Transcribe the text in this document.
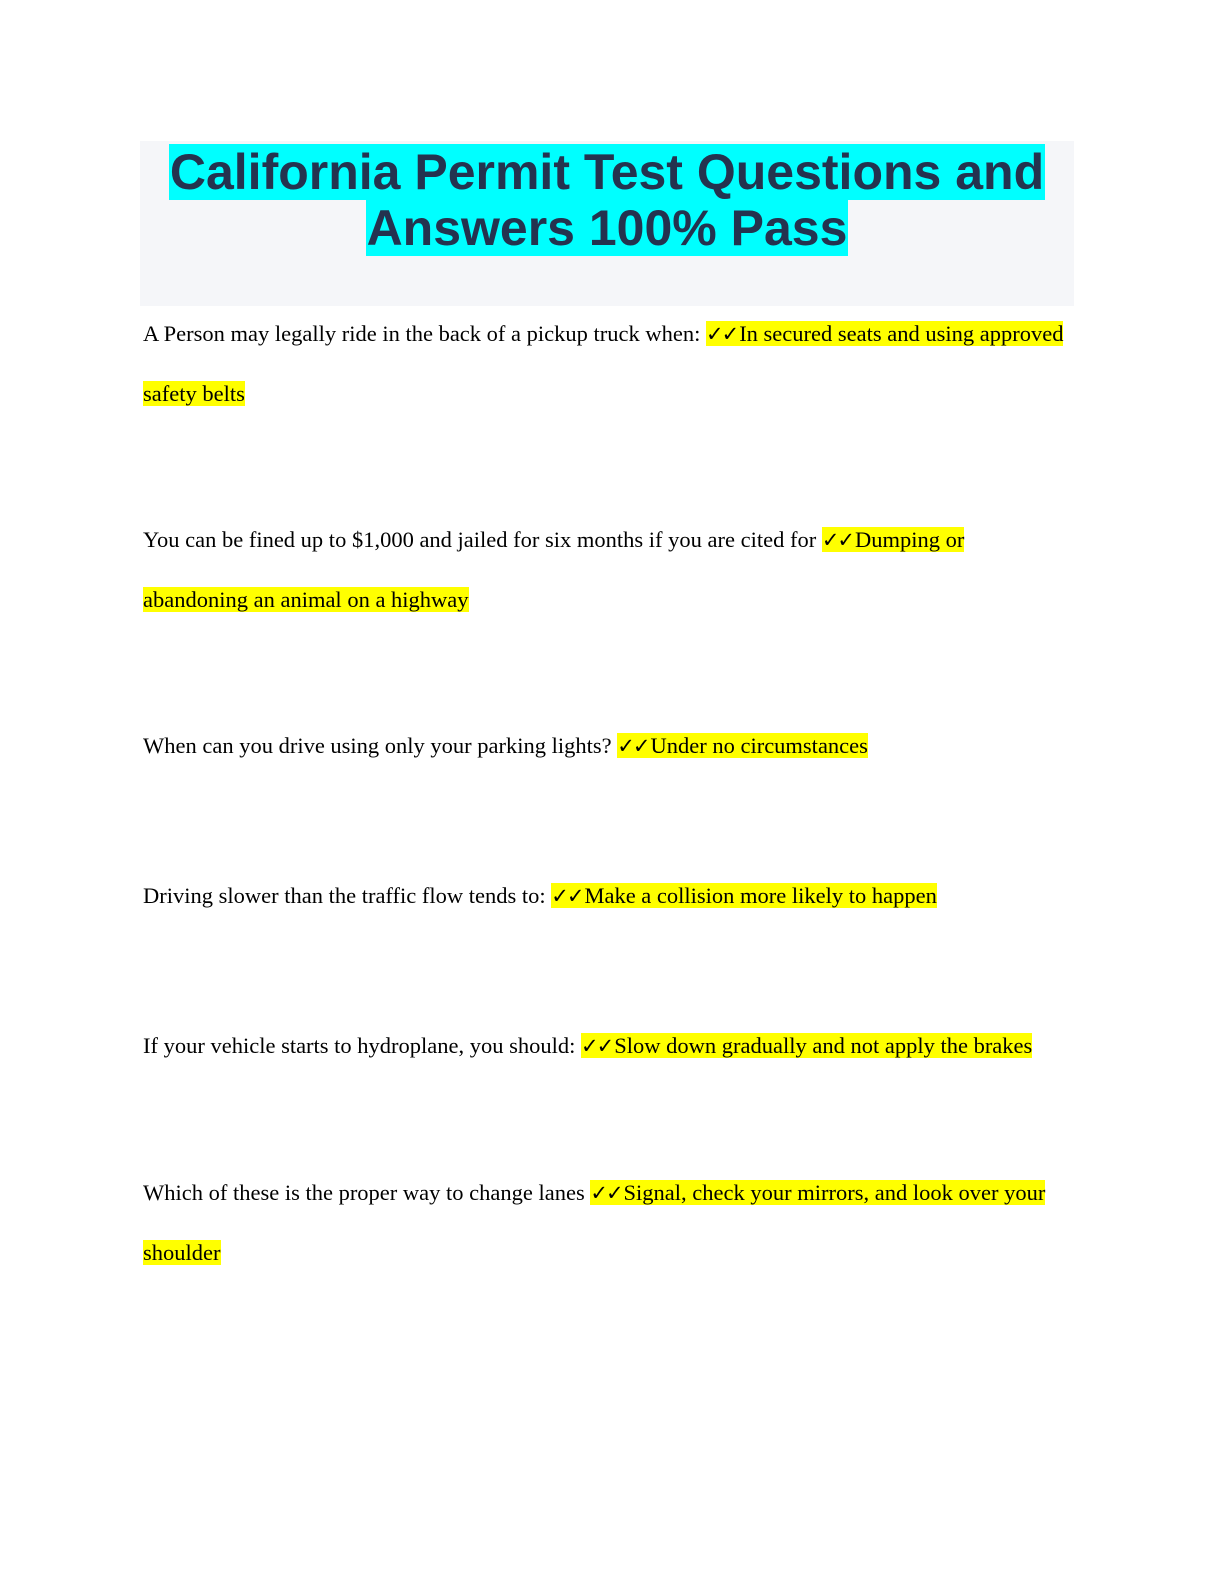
California Permit Test Questions and
Answers 100% Pass
A Person may legally ride in the back of a pickup truck when: ✓✓In secured seats and using approved safety belts
You can be fined up to $1,000 and jailed for six months if you are cited for ✓✓Dumping or abandoning an animal on a highway
When can you drive using only your parking lights? ✓✓Under no circumstances
Driving slower than the traffic flow tends to: ✓✓Make a collision more likely to happen
If your vehicle starts to hydroplane, you should: ✓✓Slow down gradually and not apply the brakes
Which of these is the proper way to change lanes ✓✓Signal, check your mirrors, and look over your shoulder
